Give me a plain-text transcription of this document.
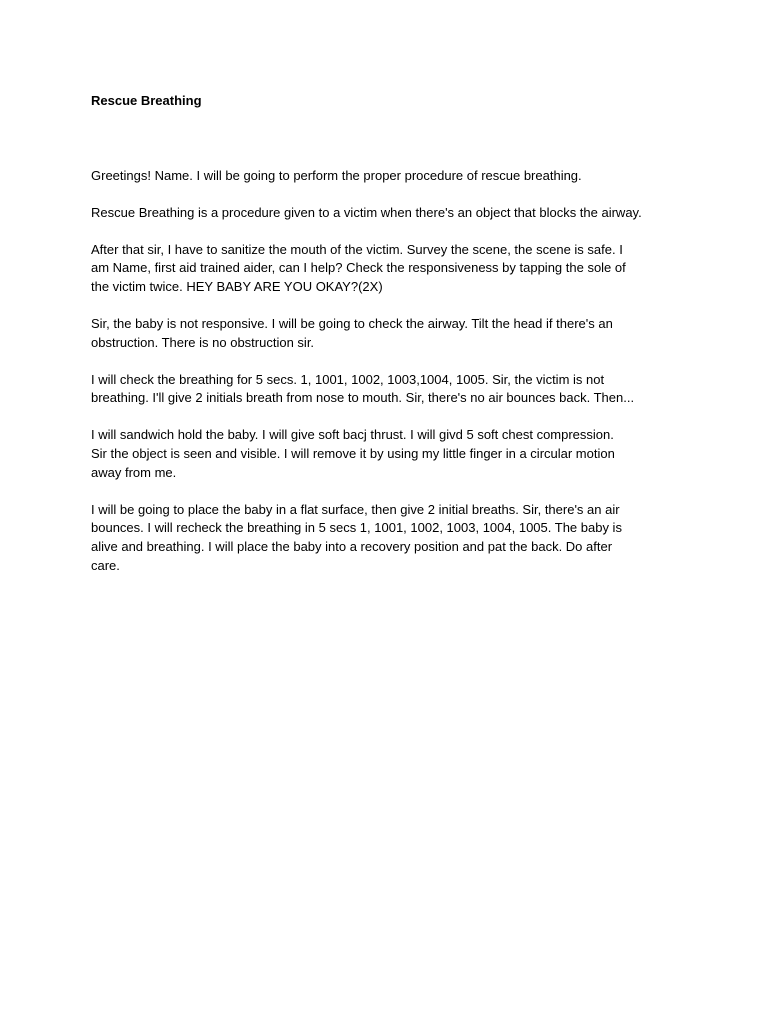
Rescue Breathing

Greetings! Name. I will be going to perform the proper procedure of rescue breathing.

Rescue Breathing is a procedure given to a victim when there's an object that blocks the airway.

After that sir, I have to sanitize the mouth of the victim. Survey the scene, the scene is safe. I
am Name, first aid trained aider, can I help? Check the responsiveness by tapping the sole of
the victim twice. HEY BABY ARE YOU OKAY?(2X)

Sir, the baby is not responsive. I will be going to check the airway. Tilt the head if there's an
obstruction. There is no obstruction sir.

I will check the breathing for 5 secs. 1, 1001, 1002, 1003,1004, 1005. Sir, the victim is not
breathing. I'll give 2 initials breath from nose to mouth. Sir, there's no air bounces back. Then...

I will sandwich hold the baby. I will give soft bacj thrust. I will givd 5 soft chest compression.
Sir the object is seen and visible. I will remove it by using my little finger in a circular motion
away from me.

I will be going to place the baby in a flat surface, then give 2 initial breaths. Sir, there's an air
bounces. I will recheck the breathing in 5 secs 1, 1001, 1002, 1003, 1004, 1005. The baby is
alive and breathing. I will place the baby into a recovery position and pat the back. Do after
care.
